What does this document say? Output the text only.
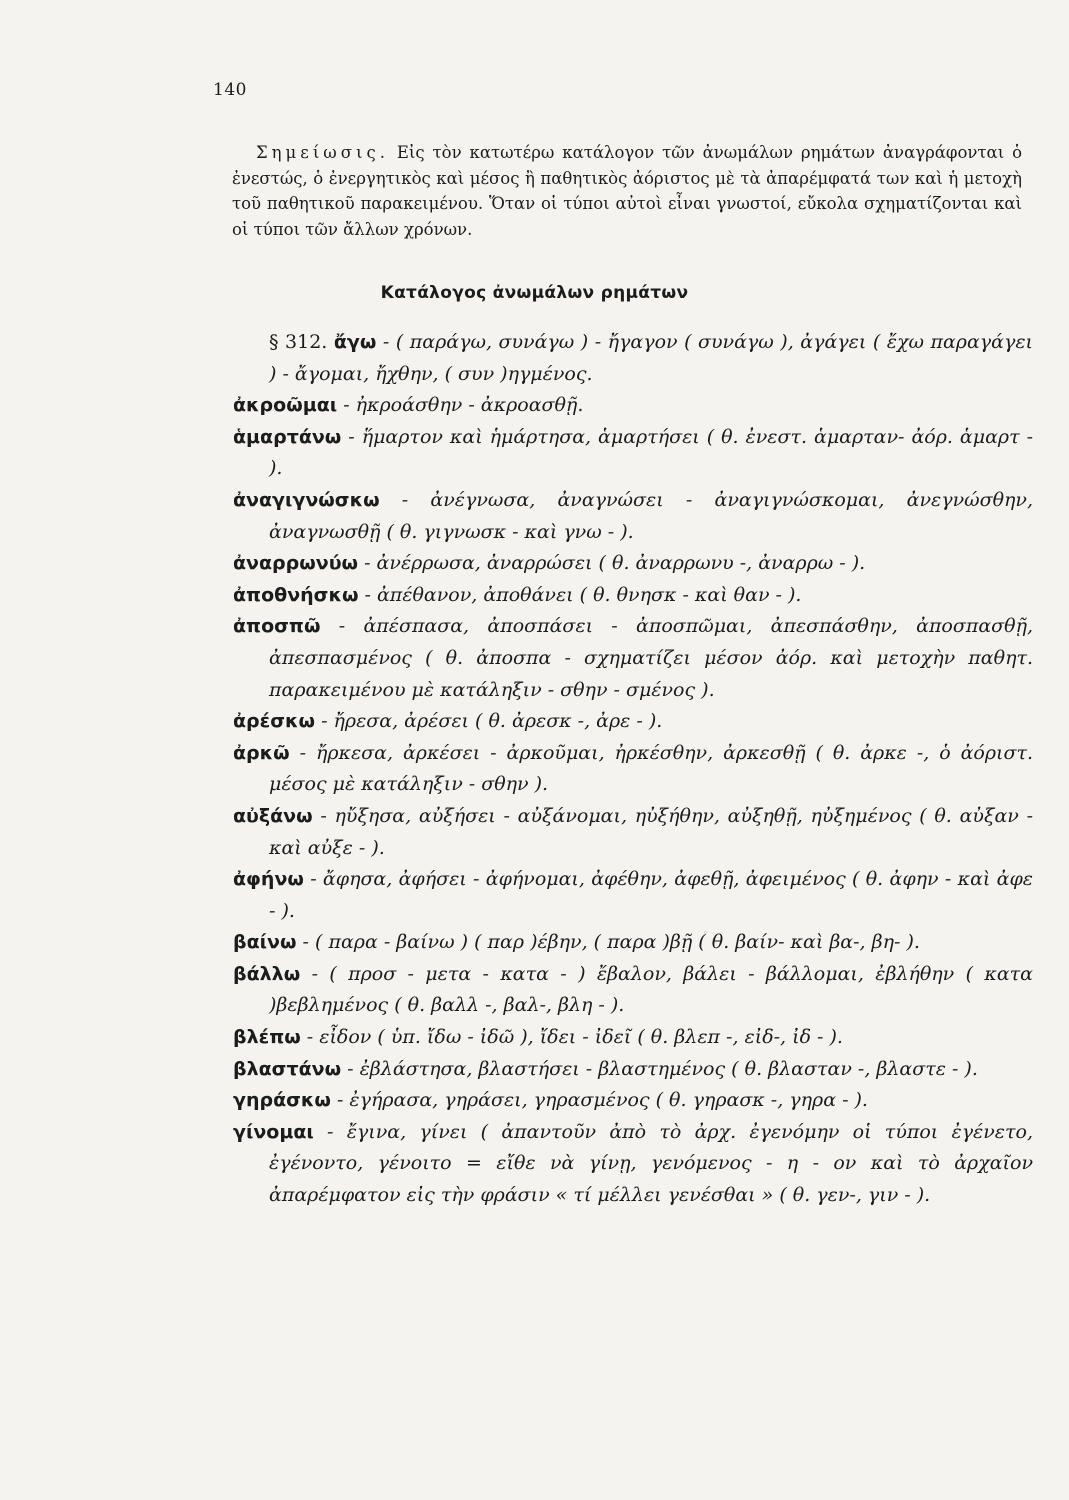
140
Σημείωσις. Εἰς τὸν κατωτέρω κατάλογον τῶν ἀνωμάλων ρημάτων ἀναγράφονται ὁ ἐνεστώς, ὁ ἐνεργητικὸς καὶ μέσος ἢ παθητικὸς ἀόριστος μὲ τὰ ἀπαρέμφατά των καὶ ἡ μετοχὴ τοῦ παθητικοῦ παρακειμένου. Ὅταν οἱ τύποι αὐτοὶ εἶναι γνωστοί, εὔκολα σχηματίζονται καὶ οἱ τύποι τῶν ἄλλων χρόνων.
Κατάλογος ἀνωμάλων ρημάτων

§ 312. ἄγω - ( παράγω, συνάγω ) - ἤγαγον ( συνάγω ), ἀγάγει ( ἔχω παραγάγει ) - ἄγομαι, ἤχθην, ( συν )ηγμένος.

ἀκροῶμαι - ἠκροάσθην - ἀκροασθῇ.

ἁμαρτάνω - ἥμαρτον καὶ ἡμάρτησα, ἁμαρτήσει ( θ. ἐνεστ. ἁμαρταν- ἀόρ. ἁμαρτ - ).

ἀναγιγνώσκω - ἀνέγνωσα, ἀναγνώσει - ἀναγιγνώσκομαι, ἀνεγνώσθην, ἀναγνωσθῇ ( θ. γιγνωσκ - καὶ γνω - ).

ἀναρρωνύω - ἀνέρρωσα, ἀναρρώσει ( θ. ἀναρρωνυ -, ἀναρρω - ).

ἀποθνήσκω - ἀπέθανον, ἀποθάνει ( θ. θνησκ - καὶ θαν - ).

ἀποσπῶ - ἀπέσπασα, ἀποσπάσει - ἀποσπῶμαι, ἀπεσπάσθην, ἀποσπασθῇ, ἀπεσπασμένος ( θ. ἀποσπα - σχηματίζει μέσον ἀόρ. καὶ μετοχὴν παθητ. παρακειμένου μὲ κατάληξιν - σθην - σμένος ).

ἀρέσκω - ἤρεσα, ἀρέσει ( θ. ἀρεσκ -, ἀρε - ).

ἀρκῶ - ἤρκεσα, ἀρκέσει - ἀρκοῦμαι, ἠρκέσθην, ἀρκεσθῇ ( θ. ἀρκε -, ὁ ἀόριστ. μέσος μὲ κατάληξιν - σθην ).

αὐξάνω - ηὔξησα, αὐξήσει - αὐξάνομαι, ηὐξήθην, αὐξηθῇ, ηὐξημένος ( θ. αὐξαν - καὶ αὐξε - ).

ἀφήνω - ἄφησα, ἀφήσει - ἀφήνομαι, ἀφέθην, ἀφεθῇ, ἀφειμένος ( θ. ἀφην - καὶ ἀφε - ).

βαίνω - ( παρα - βαίνω ) ( παρ )έβην, ( παρα )βῇ ( θ. βαίν- καὶ βα-, βη- ).

βάλλω - ( προσ - μετα - κατα - ) ἔβαλον, βάλει - βάλλομαι, ἐβλήθην ( κατα )βεβλημένος ( θ. βαλλ -, βαλ-, βλη - ).

βλέπω - εἶδον ( ὑπ. ἴδω - ἰδῶ ), ἴδει - ἰδεῖ ( θ. βλεπ -, εἰδ-, ἰδ - ).

βλαστάνω - ἐβλάστησα, βλαστήσει - βλαστημένος ( θ. βλασταν -, βλαστε - ).

γηράσκω - ἐγήρασα, γηράσει, γηρασμένος ( θ. γηρασκ -, γηρα - ).

γίνομαι - ἔγινα, γίνει ( ἀπαντοῦν ἀπὸ τὸ ἀρχ. ἐγενόμην οἱ τύποι ἐγένετο, ἐγένοντο, γένοιτο = εἴθε νὰ γίνῃ, γενόμενος - η - ον καὶ τὸ ἀρχαῖον ἀπαρέμφατον εἰς τὴν φράσιν « τί μέλλει γενέσθαι » ( θ. γεν-, γιν - ).
